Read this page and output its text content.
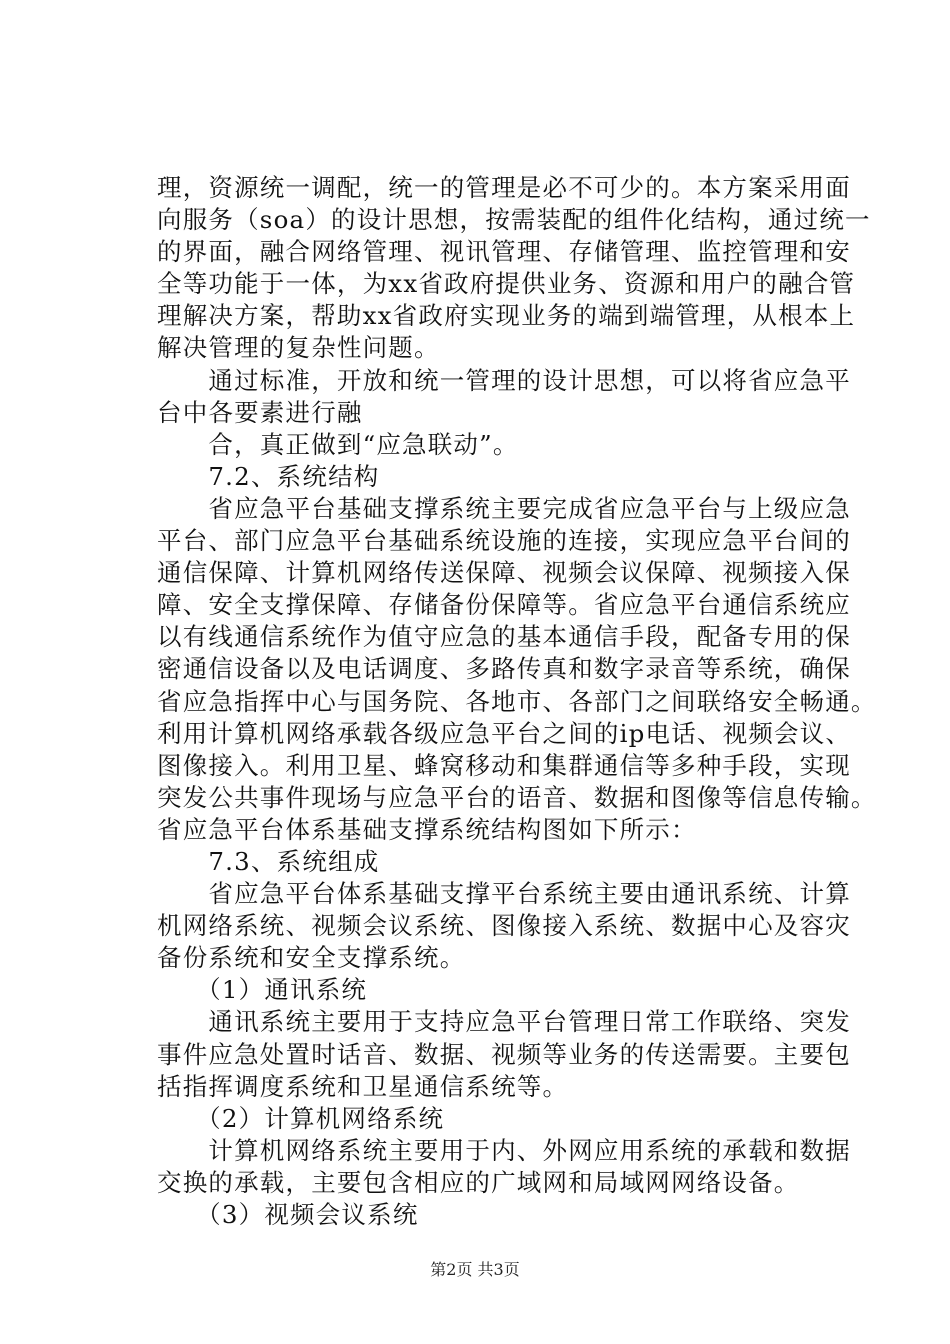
理，资源统一调配，统一的管理是必不可少的。本方案采用面
向服务（soa）的设计思想，按需装配的组件化结构，通过统一
的界面，融合网络管理、视讯管理、存储管理、监控管理和安
全等功能于一体，为xx省政府提供业务、资源和用户的融合管
理解决方案，帮助xx省政府实现业务的端到端管理，从根本上
解决管理的复杂性问题。
　　通过标准，开放和统一管理的设计思想，可以将省应急平
台中各要素进行融
　　合，真正做到“应急联动”。
　　7.2、系统结构
　　省应急平台基础支撑系统主要完成省应急平台与上级应急
平台、部门应急平台基础系统设施的连接，实现应急平台间的
通信保障、计算机网络传送保障、视频会议保障、视频接入保
障、安全支撑保障、存储备份保障等。省应急平台通信系统应
以有线通信系统作为值守应急的基本通信手段，配备专用的保
密通信设备以及电话调度、多路传真和数字录音等系统，确保
省应急指挥中心与国务院、各地市、各部门之间联络安全畅通。
利用计算机网络承载各级应急平台之间的ip电话、视频会议、
图像接入。利用卫星、蜂窝移动和集群通信等多种手段，实现
突发公共事件现场与应急平台的语音、数据和图像等信息传输。
省应急平台体系基础支撑系统结构图如下所示：
　　7.3、系统组成
　　省应急平台体系基础支撑平台系统主要由通讯系统、计算
机网络系统、视频会议系统、图像接入系统、数据中心及容灾
备份系统和安全支撑系统。
　　（1）通讯系统
　　通讯系统主要用于支持应急平台管理日常工作联络、突发
事件应急处置时话音、数据、视频等业务的传送需要。主要包
括指挥调度系统和卫星通信系统等。
　　（2）计算机网络系统
　　计算机网络系统主要用于内、外网应用系统的承载和数据
交换的承载，主要包含相应的广域网和局域网网络设备。
　　（3）视频会议系统
第2页 共3页
